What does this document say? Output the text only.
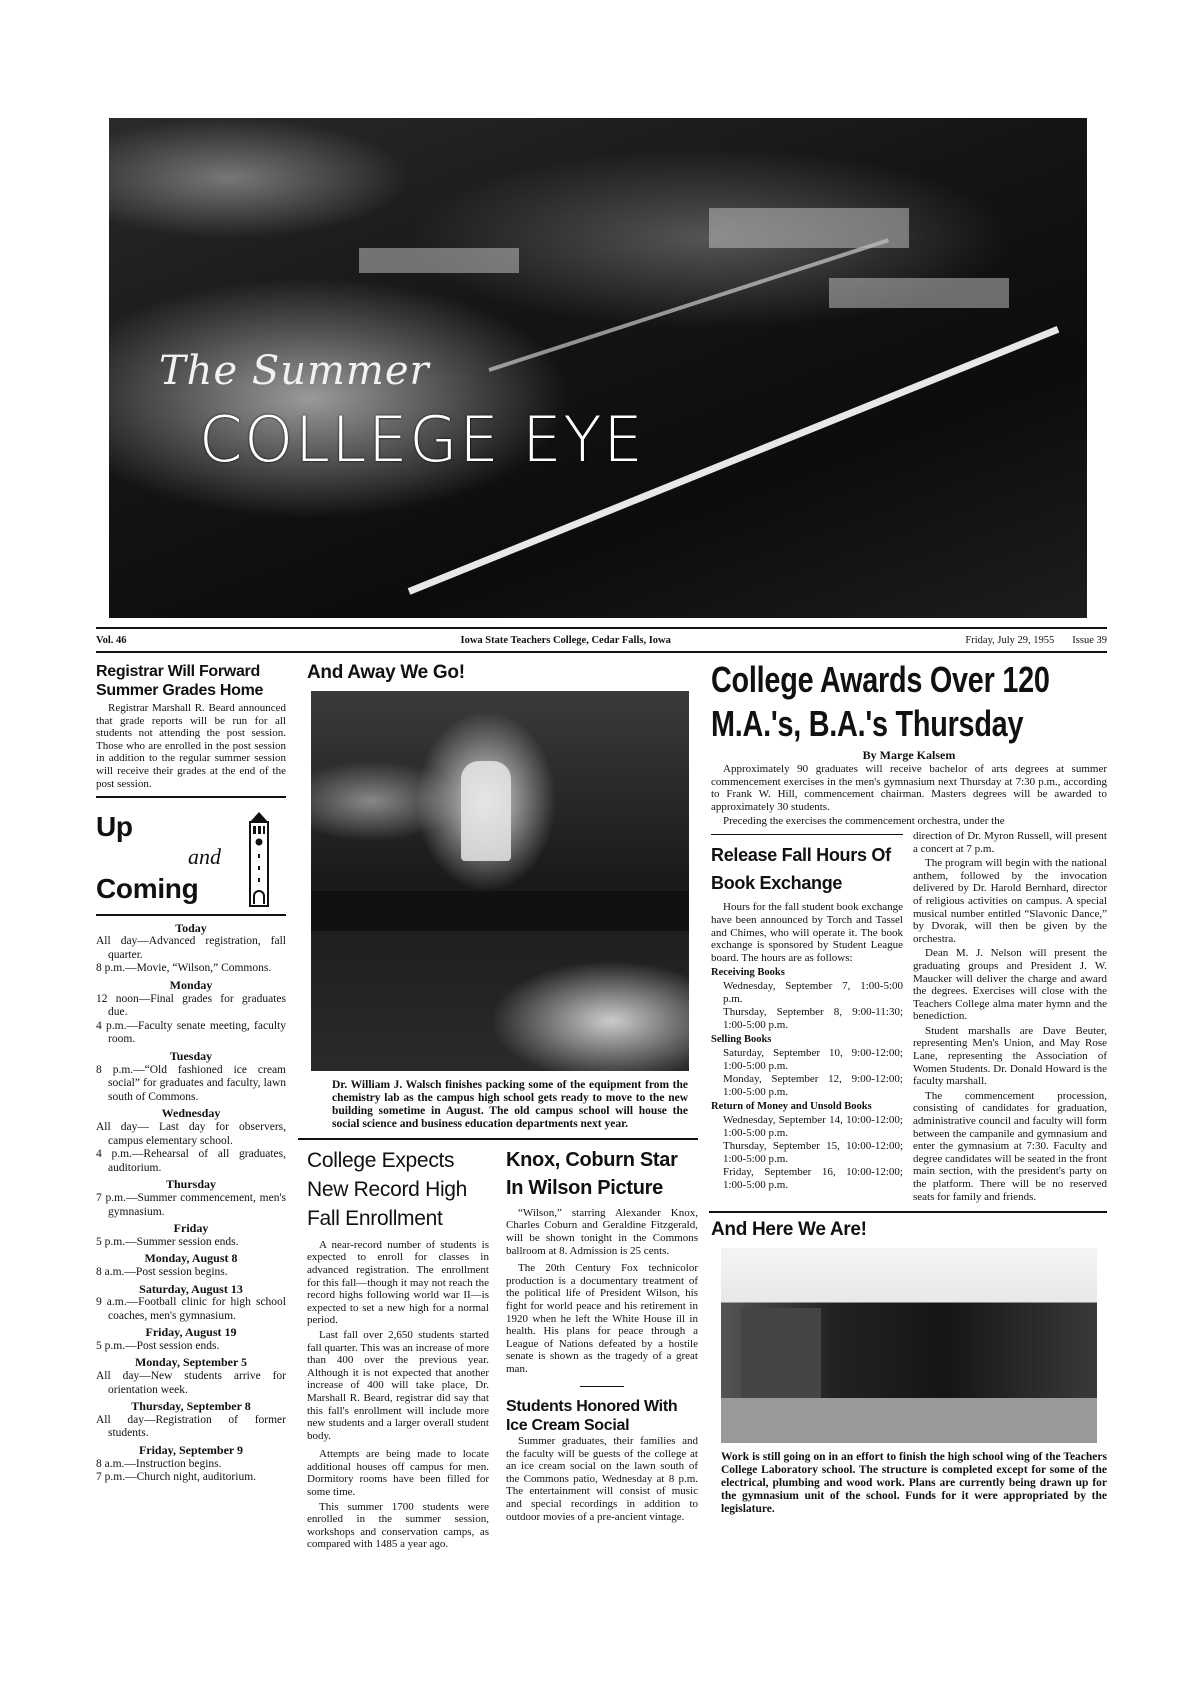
The Summer
COLLEGE EYE
Vol. 46	Iowa State Teachers College, Cedar Falls, Iowa	Friday, July 29, 1955 Issue 39
Registrar Will Forward Summer Grades Home

Registrar Marshall R. Beard announced that grade reports will be run for all students not attending the post session. Those who are enrolled in the post session in addition to the regular summer session will receive their grades at the end of the post session.

Up
and
Coming
Today
All day—Advanced registration, fall quarter.
8 p.m.—Movie, “Wilson,” Commons.
Monday
12 noon—Final grades for graduates due.
4 p.m.—Faculty senate meeting, faculty room.
Tuesday
8 p.m.—“Old fashioned ice cream social” for graduates and faculty, lawn south of Commons.
Wednesday
All day— Last day for observers, campus elementary school.
4 p.m.—Rehearsal of all graduates, auditorium.
Thursday
7 p.m.—Summer commencement, men's gymnasium.
Friday
5 p.m.—Summer session ends.
Monday, August 8
8 a.m.—Post session begins.
Saturday, August 13
9 a.m.—Football clinic for high school coaches, men's gymnasium.
Friday, August 19
5 p.m.—Post session ends.
Monday, September 5
All day—New students arrive for orientation week.
Thursday, September 8
All day—Registration of former students.
Friday, September 9
8 a.m.—Instruction begins.
7 p.m.—Church night, auditorium.
And Away We Go!
Dr. William J. Walsch finishes packing some of the equipment from the chemistry lab as the campus high school gets ready to move to the new building sometime in August. The old campus school will house the social science and business education departments next year.
College Expects New Record High Fall Enrollment

A near-record number of students is expected to enroll for classes in advanced registration. The enrollment for this fall—though it may not reach the record highs following world war II—is expected to set a new high for a normal period.

Last fall over 2,650 students started fall quarter. This was an increase of more than 400 over the previous year. Although it is not expected that another increase of 400 will take place, Dr. Marshall R. Beard, registrar did say that this fall's enrollment will include more new students and a larger overall student body.

Attempts are being made to locate additional houses off campus for men. Dormitory rooms have been filled for some time.

This summer 1700 students were enrolled in the summer session, workshops and conservation camps, as compared with 1485 a year ago.

Knox, Coburn Star In Wilson Picture

“Wilson,” starring Alexander Knox, Charles Coburn and Geraldine Fitzgerald, will be shown tonight in the Commons ballroom at 8. Admission is 25 cents.

The 20th Century Fox technicolor production is a documentary treatment of the political life of President Wilson, his fight for world peace and his retirement in 1920 when he left the White House ill in health. His plans for peace through a League of Nations defeated by a hostile senate is shown as the tragedy of a great man.

Students Honored With Ice Cream Social

Summer graduates, their families and the faculty will be guests of the college at an ice cream social on the lawn south of the Commons patio, Wednesday at 8 p.m. The entertainment will consist of music and special recordings in addition to outdoor movies of a pre-ancient vintage.

College Awards Over 120 M.A.'s, B.A.'s Thursday
By Marge Kalsem

Approximately 90 graduates will receive bachelor of arts degrees at summer commencement exercises in the men's gymnasium next Thursday at 7:30 p.m., according to Frank W. Hill, commencement chairman. Masters degrees will be awarded to approximately 30 students.

Preceding the exercises the commencement orchestra, under the

Release Fall Hours Of Book Exchange

Hours for the fall student book exchange have been announced by Torch and Tassel and Chimes, who will operate it. The book exchange is sponsored by Student League board. The hours are as follows:

Receiving Books
Wednesday, September 7, 1:00-5:00 p.m.
Thursday, September 8, 9:00-11:30; 1:00-5:00 p.m.
Selling Books
Saturday, September 10, 9:00-12:00; 1:00-5:00 p.m.
Monday, September 12, 9:00-12:00; 1:00-5:00 p.m.
Return of Money and Unsold Books
Wednesday, September 14, 10:00-12:00; 1:00-5:00 p.m.
Thursday, September 15, 10:00-12:00; 1:00-5:00 p.m.
Friday, September 16, 10:00-12:00; 1:00-5:00 p.m.

direction of Dr. Myron Russell, will present a concert at 7 p.m.

The program will begin with the national anthem, followed by the invocation delivered by Dr. Harold Bernhard, director of religious activities on campus. A special musical number entitled “Slavonic Dance,” by Dvorak, will then be given by the orchestra.

Dean M. J. Nelson will present the graduating groups and President J. W. Maucker will deliver the charge and award the degrees. Exercises will close with the Teachers College alma mater hymn and the benediction.

Student marshalls are Dave Beuter, representing Men's Union, and May Rose Lane, representing the Association of Women Students. Dr. Donald Howard is the faculty marshall.

The commencement procession, consisting of candidates for graduation, administrative council and faculty will form between the campanile and gymnasium and enter the gymnasium at 7:30. Faculty and degree candidates will be seated in the front main section, with the president's party on the platform. There will be no reserved seats for family and friends.

And Here We Are!
Work is still going on in an effort to finish the high school wing of the Teachers College Laboratory school. The structure is completed except for some of the electrical, plumbing and wood work. Plans are currently being drawn up for the gymnasium unit of the school. Funds for it were appropriated by the legislature.
